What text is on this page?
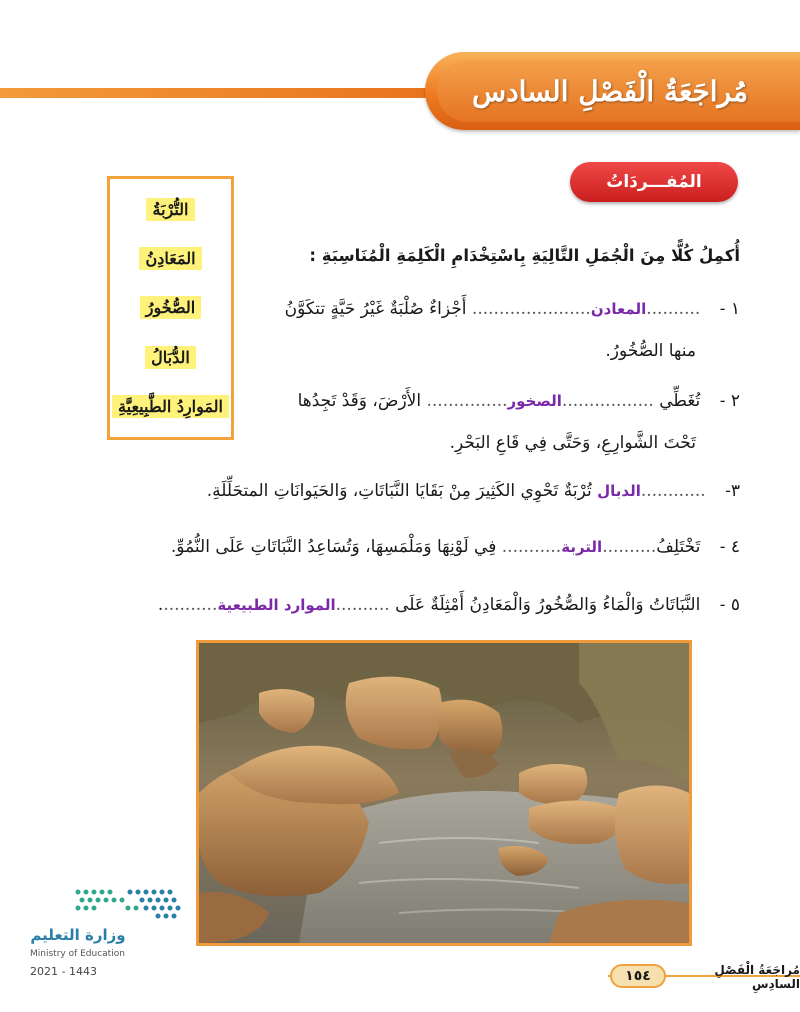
مُراجَعَةُ الْفَصْلِ السادس
المُفـــردَاتُ
التُّرْبَةُ
المَعَادِنُ
الصُّخُورُ
الدُّبَالُ
المَوارِدُ الطَّبِيعِيَّةِ
أُكمِلُ كُلًّا مِنَ الْجُمَلِ التَّالِيَةِ بِاسْتِخْدَامِ الْكَلِمَةِ الْمُنَاسِبَةِ :
١ - ..........المعادن...................... أَجْزاءٌ صُلْبَةٌ غَيْرُ حَيَّةٍ تتكَوَّنُ
منها الصُّخُورُ.
٢ - تُغَطِّي .................الصخور............... الأَرْضَ، وَقَدْ تَجِدُها
تَحْتَ الشَّوارِعِ، وَحَتَّى فِي قَاعِ البَحْرِ.
٣- ............الدبال تُرْبَةٌ تَحْوِي الكَثِيرَ مِنْ بَقَايَا النَّبَاتَاتِ، وَالحَيَوانَاتِ المتحَلِّلَةِ.
٤ - تَخْتَلِفُ..........التربة........... فِي لَوْنِهَا وَمَلْمَسِهَا، وَتُسَاعِدُ النَّبَاتَاتِ عَلَى النُّمُوِّ.
٥ - النَّبَاتَاتُ وَالْمَاءُ وَالصُّخُورُ وَالْمَعَادِنُ أَمْثِلَةٌ عَلَى ..........الموارد الطبيعية...........
وزارة التعليم
Ministry of Education
2021 - 1443	١٥٤	مُراجَعَةُ الْفَصْلِ السادِسِ
